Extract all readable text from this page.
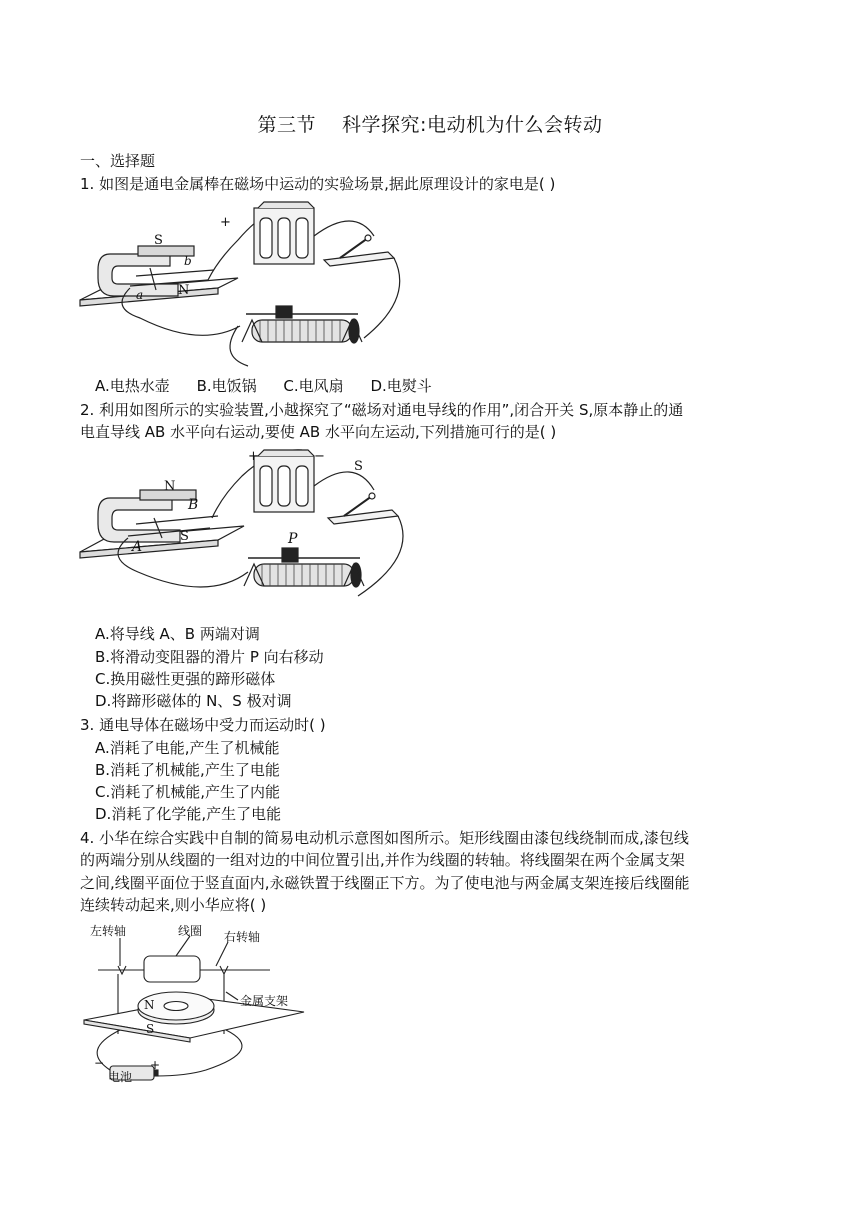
第三节 科学探究:电动机为什么会转动
一、选择题
1. 如图是通电金属棒在磁场中运动的实验场景,据此原理设计的家电是( )
S
N
b
a
+
A.电热水壶 B.电饭锅 C.电风扇 D.电熨斗
2. 利用如图所示的实验装置,小越探究了“磁场对通电导线的作用”,闭合开关 S,原本静止的通
电直导线 AB 水平向右运动,要使 AB 水平向左运动,下列措施可行的是( )
N
B
S
A
+	−
S
P
A.将导线 A、B 两端对调
B.将滑动变阻器的滑片 P 向右移动
C.换用磁性更强的蹄形磁体
D.将蹄形磁体的 N、S 极对调
3. 通电导体在磁场中受力而运动时( )
A.消耗了电能,产生了机械能
B.消耗了机械能,产生了电能
C.消耗了机械能,产生了内能
D.消耗了化学能,产生了电能
4. 小华在综合实践中自制的简易电动机示意图如图所示。矩形线圈由漆包线绕制而成,漆包线
的两端分别从线圈的一组对边的中间位置引出,并作为线圈的转轴。将线圈架在两个金属支架
之间,线圈平面位于竖直面内,永磁铁置于线圈正下方。为了使电池与两金属支架连接后线圈能
连续转动起来,则小华应将( )
左转轴	线圈 右转轴
金属支架
N
S
电池
−	+
